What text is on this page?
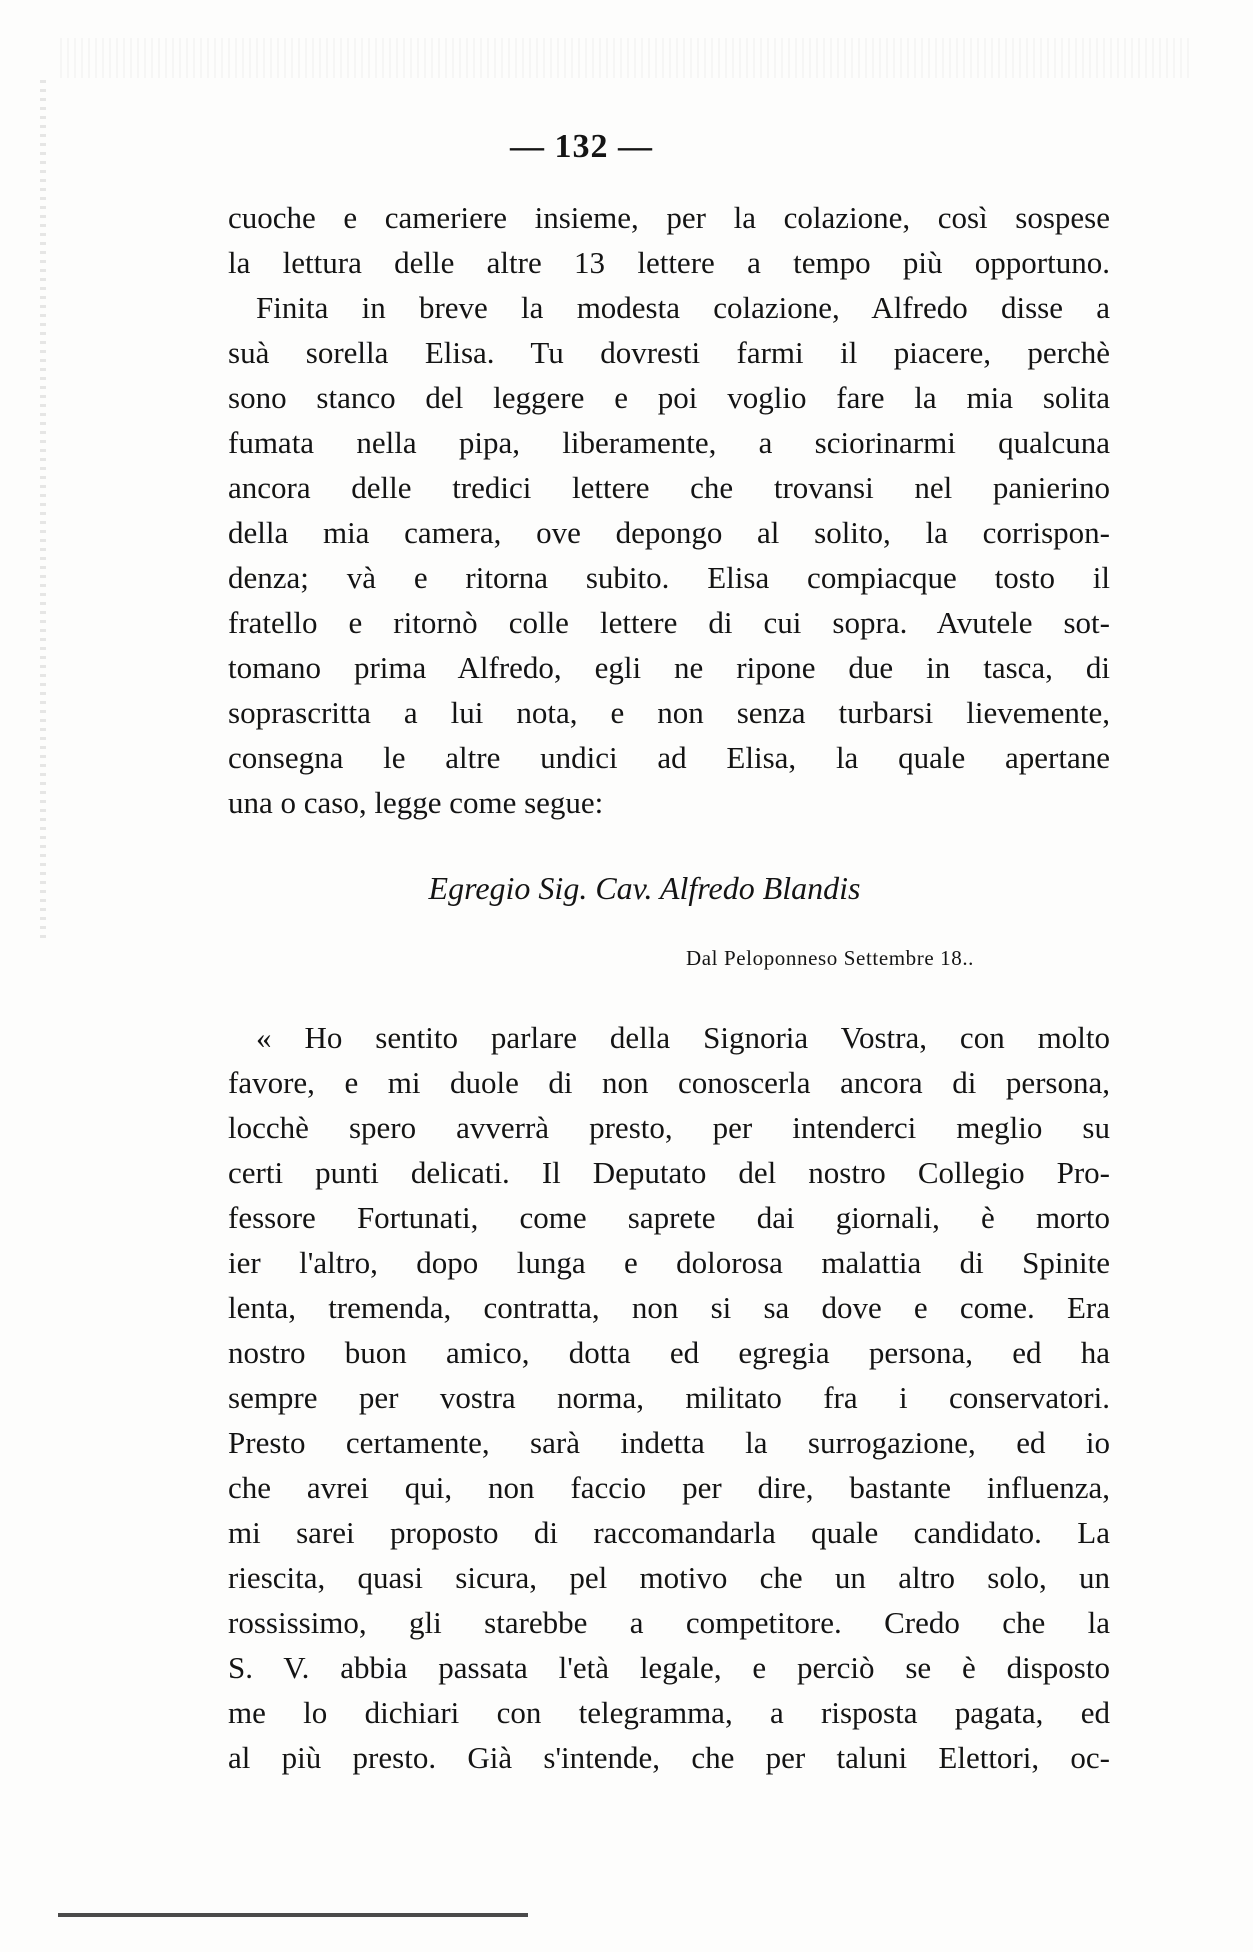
— 132 —
cuoche e cameriere insieme, per la colazione, così sospese
la lettura delle altre 13 lettere a tempo più opportuno.
Finita in breve la modesta colazione, Alfredo disse a
suà sorella Elisa. Tu dovresti farmi il piacere, perchè
sono stanco del leggere e poi voglio fare la mia solita
fumata nella pipa, liberamente, a sciorinarmi qualcuna
ancora delle tredici lettere che trovansi nel panierino
della mia camera, ove depongo al solito, la corrispon-
denza; và e ritorna subito. Elisa compiacque tosto il
fratello e ritornò colle lettere di cui sopra. Avutele sot-
tomano prima Alfredo, egli ne ripone due in tasca, di
soprascritta a lui nota, e non senza turbarsi lievemente,
consegna le altre undici ad Elisa, la quale apertane
una o caso, legge come segue:
Egregio Sig. Cav. Alfredo Blandis
Dal Peloponneso Settembre 18..
« Ho sentito parlare della Signoria Vostra, con molto
favore, e mi duole di non conoscerla ancora di persona,
locchè spero avverrà presto, per intenderci meglio su
certi punti delicati. Il Deputato del nostro Collegio Pro-
fessore Fortunati, come saprete dai giornali, è morto
ier l'altro, dopo lunga e dolorosa malattia di Spinite
lenta, tremenda, contratta, non si sa dove e come. Era
nostro buon amico, dotta ed egregia persona, ed ha
sempre per vostra norma, militato fra i conservatori.
Presto certamente, sarà indetta la surrogazione, ed io
che avrei qui, non faccio per dire, bastante influenza,
mi sarei proposto di raccomandarla quale candidato. La
riescita, quasi sicura, pel motivo che un altro solo, un
rossissimo, gli starebbe a competitore. Credo che la
S. V. abbia passata l'età legale, e perciò se è disposto
me lo dichiari con telegramma, a risposta pagata, ed
al più presto. Già s'intende, che per taluni Elettori, oc-
